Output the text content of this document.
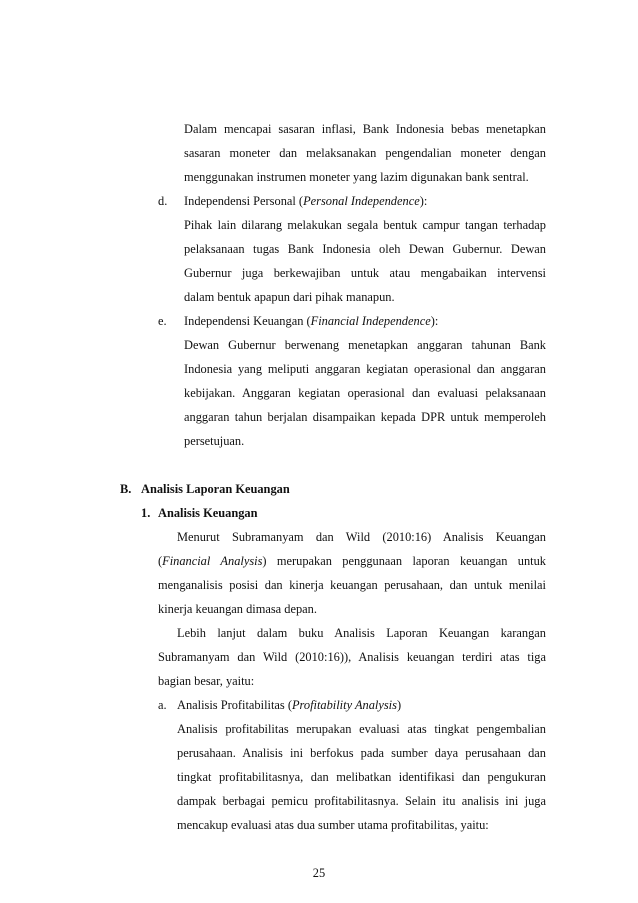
Dalam mencapai sasaran inflasi, Bank Indonesia bebas menetapkan
sasaran moneter dan melaksanakan pengendalian moneter dengan
menggunakan instrumen moneter yang lazim digunakan bank sentral.
d. Independensi Personal (Personal Independence):
Pihak lain dilarang melakukan segala bentuk campur tangan terhadap
pelaksanaan tugas Bank Indonesia oleh Dewan Gubernur. Dewan
Gubernur juga berkewajiban untuk atau mengabaikan intervensi
dalam bentuk apapun dari pihak manapun.
e. Independensi Keuangan (Financial Independence):
Dewan Gubernur berwenang menetapkan anggaran tahunan Bank
Indonesia yang meliputi anggaran kegiatan operasional dan anggaran
kebijakan. Anggaran kegiatan operasional dan evaluasi pelaksanaan
anggaran tahun berjalan disampaikan kepada DPR untuk memperoleh
persetujuan.
B. Analisis Laporan Keuangan
1. Analisis Keuangan
Menurut Subramanyam dan Wild (2010:16) Analisis Keuangan
(Financial Analysis) merupakan penggunaan laporan keuangan untuk
menganalisis posisi dan kinerja keuangan perusahaan, dan untuk menilai
kinerja keuangan dimasa depan.
Lebih lanjut dalam buku Analisis Laporan Keuangan karangan
Subramanyam dan Wild (2010:16)), Analisis keuangan terdiri atas tiga
bagian besar, yaitu:
a. Analisis Profitabilitas (Profitability Analysis)
Analisis profitabilitas merupakan evaluasi atas tingkat pengembalian
perusahaan. Analisis ini berfokus pada sumber daya perusahaan dan
tingkat profitabilitasnya, dan melibatkan identifikasi dan pengukuran
dampak berbagai pemicu profitabilitasnya. Selain itu analisis ini juga
mencakup evaluasi atas dua sumber utama profitabilitas, yaitu:
25
